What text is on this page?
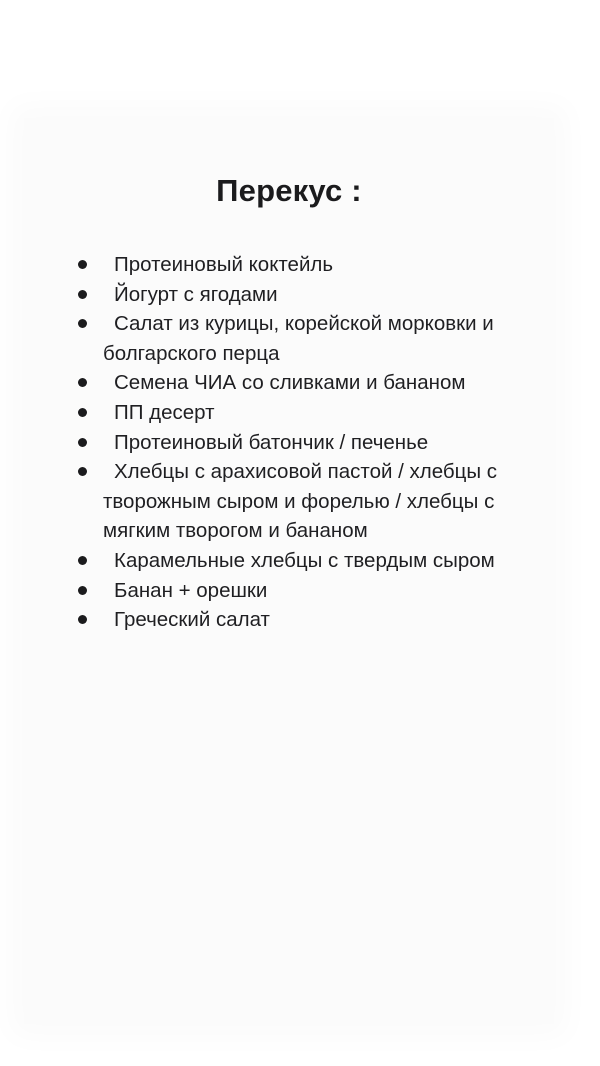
Перекус :
Протеиновый коктейль
Йогурт с ягодами
Салат из курицы, корейской морковки и болгарского перца
Семена ЧИА со сливками и бананом
ПП десерт
Протеиновый батончик / печенье
Хлебцы с арахисовой пастой / хлебцы с творожным сыром и форелью / хлебцы с мягким творогом и бананом
Карамельные хлебцы с твердым сыром
Банан + орешки
Греческий салат
